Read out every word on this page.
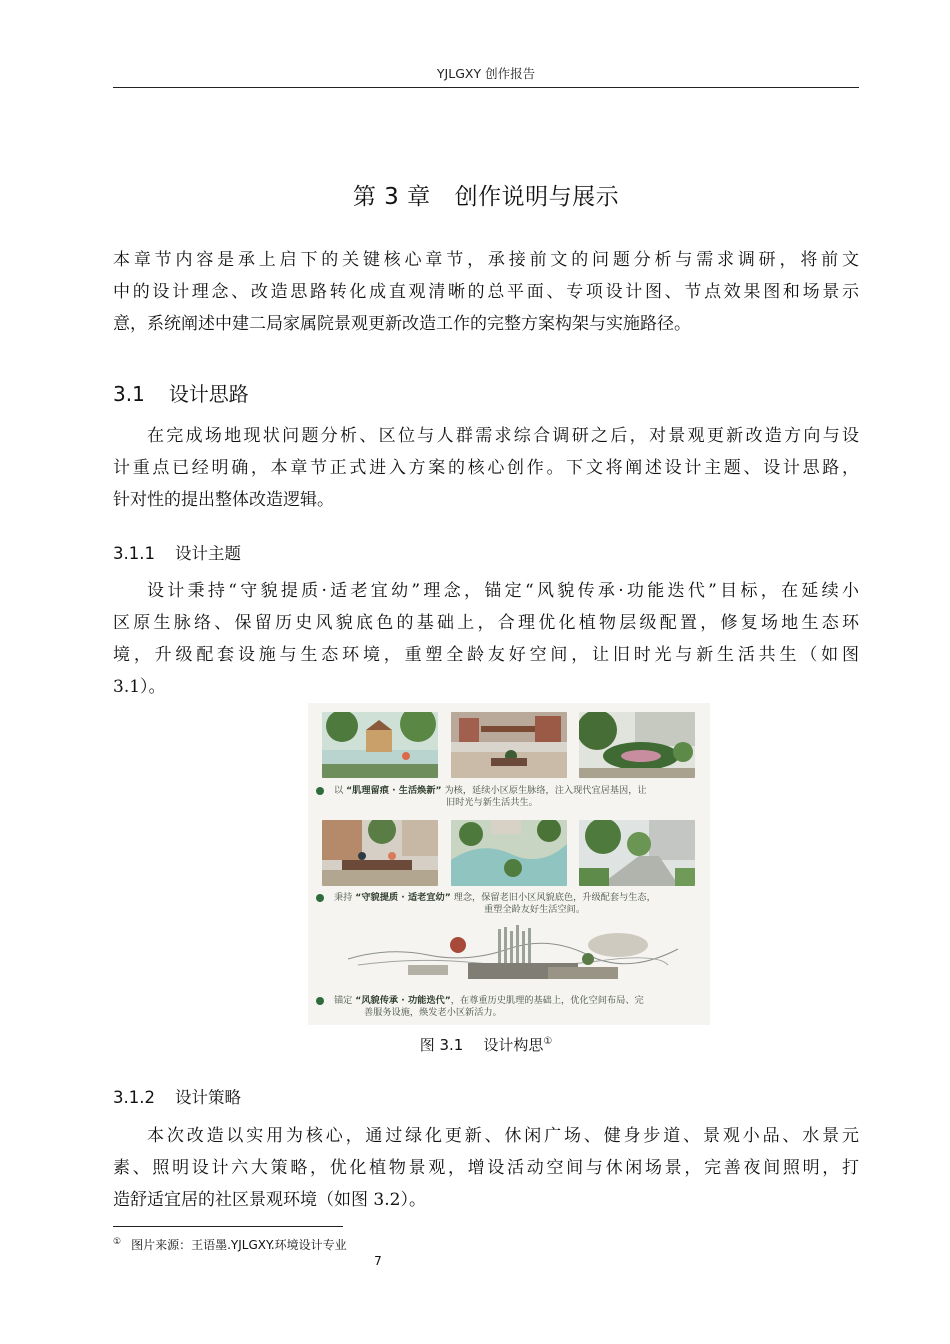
YJLGXY 创作报告
第 3 章 创作说明与展示
本章节内容是承上启下的关键核心章节，承接前文的问题分析与需求调研，将前文
中的设计理念、改造思路转化成直观清晰的总平面、专项设计图、节点效果图和场景示
意，系统阐述中建二局家属院景观更新改造工作的完整方案构架与实施路径。
3.1 设计思路
在完成场地现状问题分析、区位与人群需求综合调研之后，对景观更新改造方向与设
计重点已经明确，本章节正式进入方案的核心创作。下文将阐述设计主题、设计思路，
针对性的提出整体改造逻辑。
3.1.1 设计主题
设计秉持“守貌提质·适老宜幼”理念，锚定“风貌传承·功能迭代”目标，在延续小
区原生脉络、保留历史风貌底色的基础上，合理优化植物层级配置，修复场地生态环
境，升级配套设施与生态环境，重塑全龄友好空间，让旧时光与新生活共生（如图
3.1）。
以 “肌理留痕 · 生活焕新” 为核，延续小区原生脉络，注入现代宜居基因，让
旧时光与新生活共生。
秉持 “守貌提质 · 适老宜幼” 理念，保留老旧小区风貌底色，升级配套与生态，
重塑全龄友好生活空间。
锚定 “风貌传承 · 功能迭代”，在尊重历史肌理的基础上，优化空间布局、完
善服务设施，焕发老小区新活力。
图 3.1 设计构思①
3.1.2 设计策略
本次改造以实用为核心，通过绿化更新、休闲广场、健身步道、景观小品、水景元
素、照明设计六大策略，优化植物景观，增设活动空间与休闲场景，完善夜间照明，打
造舒适宜居的社区景观环境（如图 3.2）。
① 图片来源：王语墨.YJLGXY.环境设计专业
7
